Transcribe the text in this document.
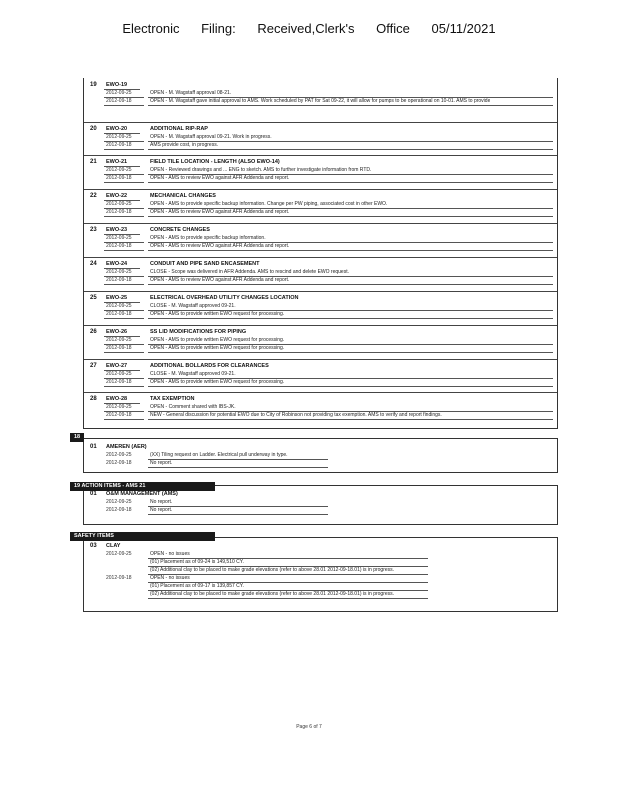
Electronic Filing: Received,Clerk's Office 05/11/2021
19 EWO-19
2012-09-25	OPEN - M. Wagstaff approval 08-21.
2012-09-18	OPEN - M. Wagstaff gave initial approval to AMS. Work scheduled by PAT for Sat 09-22, it will allow for pumps to be operational on 10-01. AMS to provide
20 EWO-20	ADDITIONAL RIP-RAP
2012-09-25	OPEN - M. Wagstaff approval 09-21. Work in progress.
2012-09-18	AMS provide cost, in progress.
21 EWO-21	FIELD TILE LOCATION - LENGTH (ALSO EWO-14)
2012-09-25	OPEN - Reviewed drawings and ... ENG to sketch. AMS to further investigate information from RTD.
2012-09-18	OPEN - AMS to review EWO against AFR Addenda and report.
22 EWO-22	MECHANICAL CHANGES
2012-09-25	OPEN - AMS to provide specific backup information. Change per PW piping, associated cost in other EWO.
2012-09-18	OPEN - AMS to review EWO against AFR Addenda and report.
23 EWO-23	CONCRETE CHANGES
2012-09-25	OPEN - AMS to provide specific backup information.
2012-09-18	OPEN - AMS to review EWO against AFR Addenda and report.
24 EWO-24	CONDUIT AND PIPE SAND ENCASEMENT
2012-09-25	CLOSE - Scope was delivered in AFR Addenda. AMS to rescind and delete EWO request.
2012-09-18	OPEN - AMS to review EWO against AFR Addenda and report.
25 EWO-25	ELECTRICAL OVERHEAD UTILITY CHANGES LOCATION
2012-09-25	CLOSE - M. Wagstaff approved 09-21.
2012-09-18	OPEN - AMS to provide written EWO request for processing.
26 EWO-26	SS LID MODIFICATIONS FOR PIPING
2012-09-25	OPEN - AMS to provide written EWO request for processing.
2012-09-18	OPEN - AMS to provide written EWO request for processing.
27 EWO-27	ADDITIONAL BOLLARDS FOR CLEARANCES
2012-09-25	CLOSE - M. Wagstaff approved 09-21.
2012-09-18	OPEN - AMS to provide written EWO request for processing.
28 EWO-28	TAX EXEMPTION
2012-09-25	OPEN - Comment shared with IBS-JK.
2012-09-18	NEW - General discussion for potential EWO due to City of Robinson not providing tax exemption. AMS to verify and report findings.
01 AMEREN (AER)
2012-09-25	(XX) Tiling request on Ladder. Electrical pull underway in type.
2012-09-18	No report.
01 O&M MANAGEMENT (AMS)
2012-09-25	No report.
2012-09-18	No report.
03 CLAY
2012-09-25	OPEN - no issues
(01) Placement as of 09-24 is 149,510 CY.
(02) Additional clay to be placed to make grade elevations (refer to above 28.01 2012-09-18.01) is in progress.
2012-09-18	OPEN - no issues
(01) Placement as of 09-17 is 139,857 CY.
(02) Additional clay to be placed to make grade elevations (refer to above 28.01 2012-09-18.01) is in progress.
Page 6 of 7
18
19 ACTION ITEMS - AMS 21
SAFETY ITEMS
